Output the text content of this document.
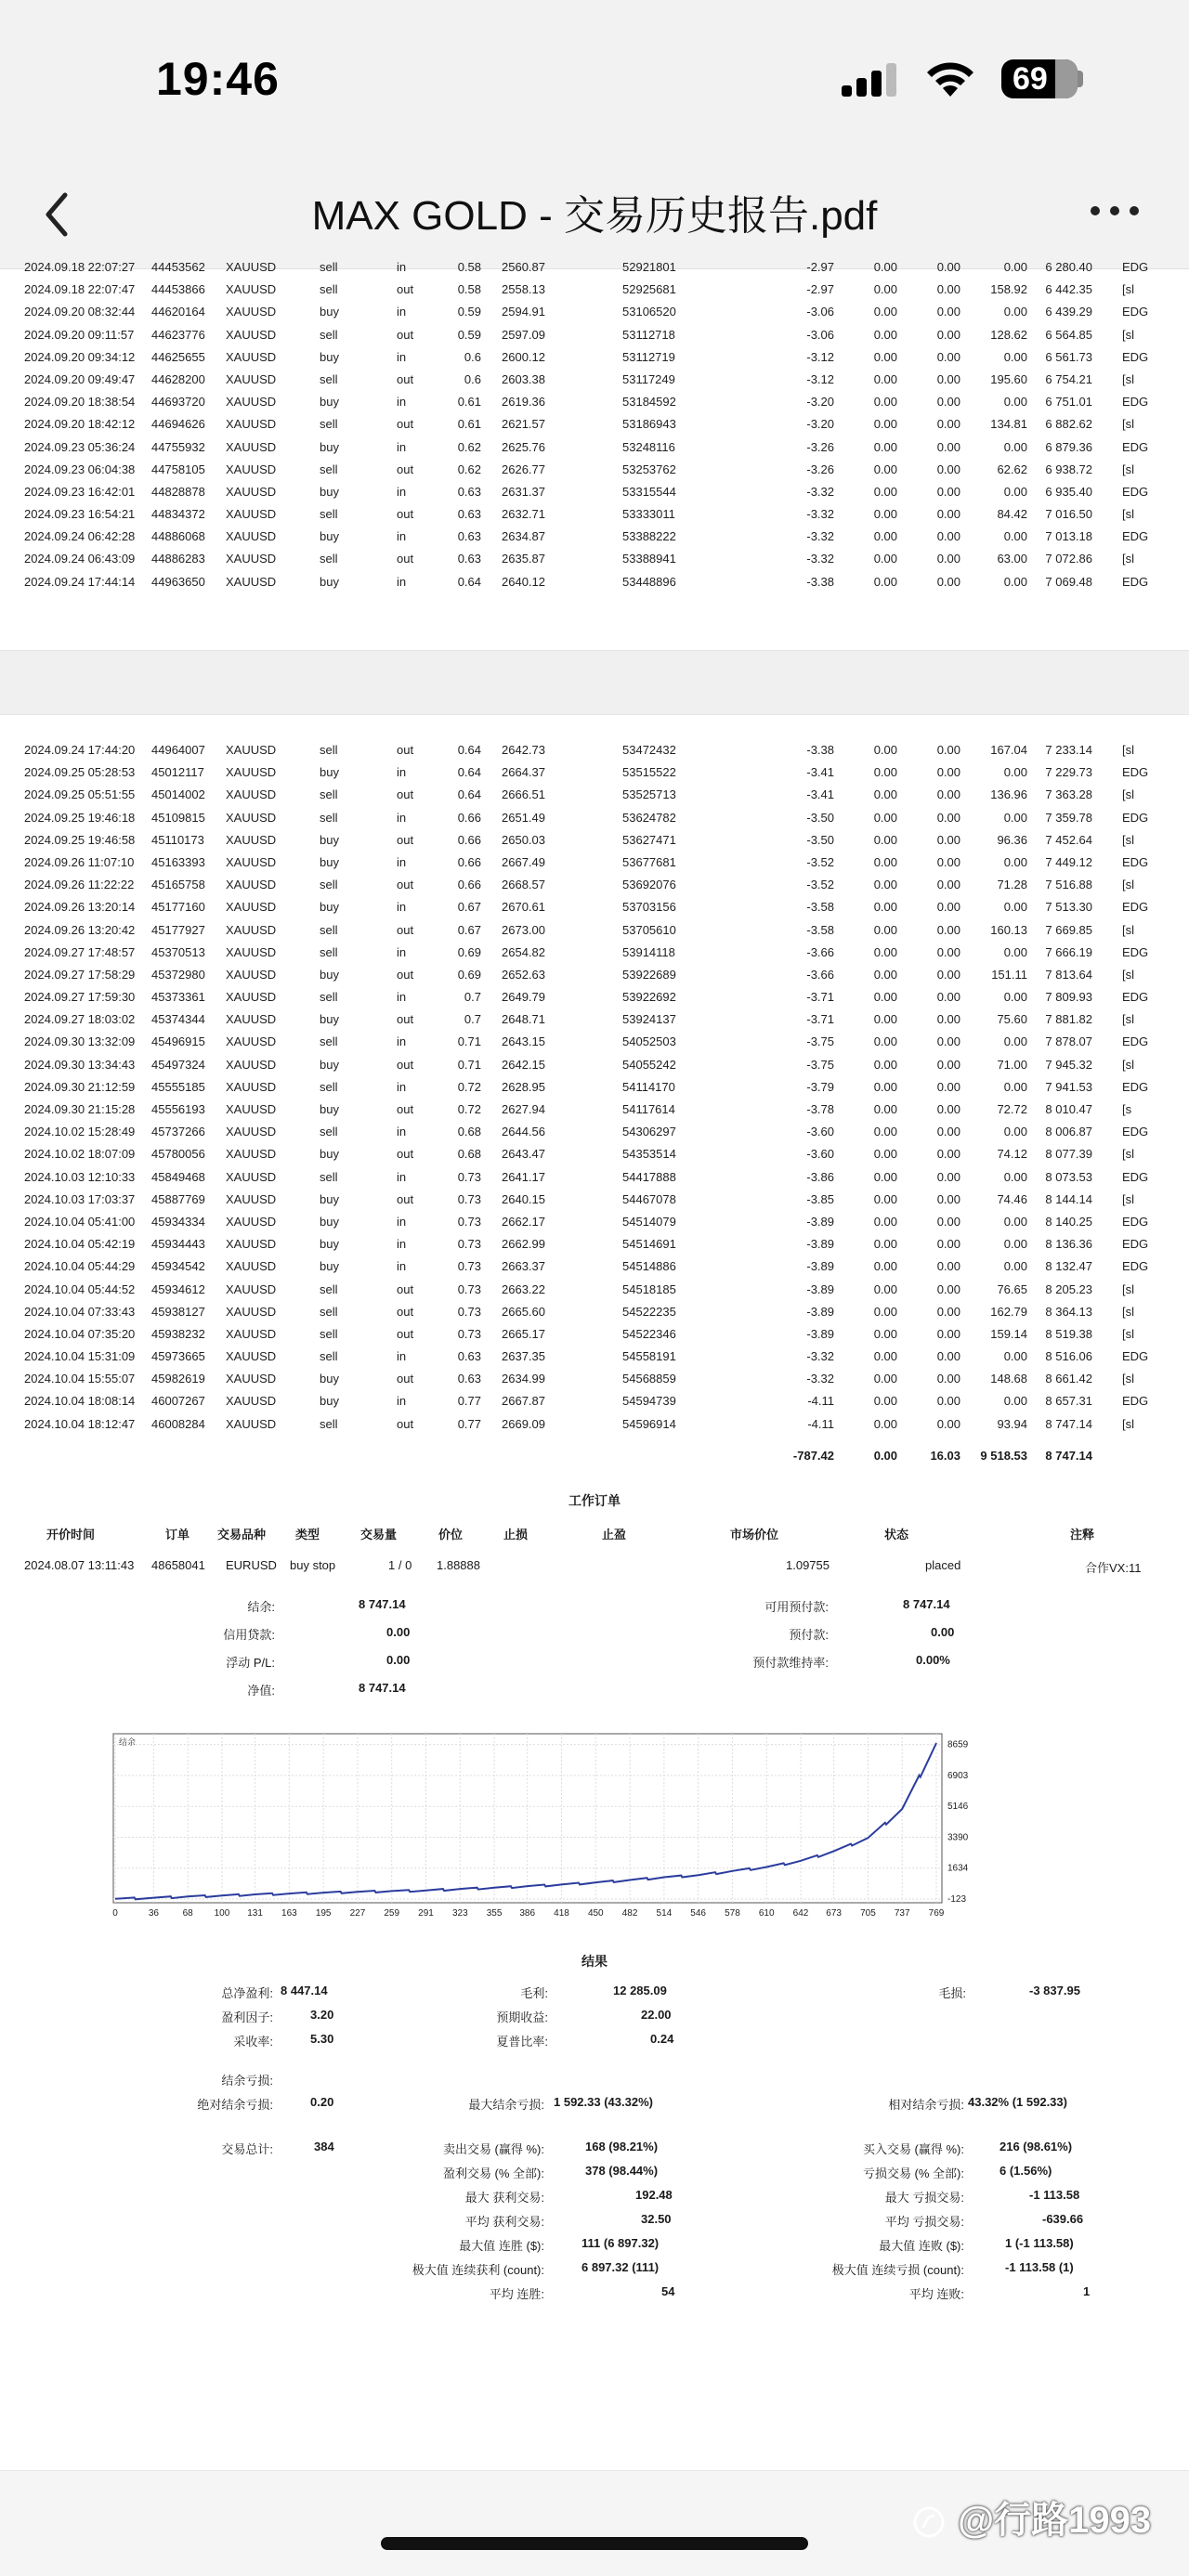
19:46	69
MAX GOLD - 交易历史报告.pdf
2024.09.18 22:07:27 44453562 XAUUSD	sell	in	0.58 2560.87	52921801	-2.97	0.00	0.00	0.00	6 280.40 EDG
2024.09.18 22:07:47 44453866 XAUUSD	sell	out	0.58 2558.13	52925681	-2.97	0.00	0.00	158.92	6 442.35 [sl
2024.09.20 08:32:44 44620164 XAUUSD	buy	in	0.59 2594.91	53106520	-3.06	0.00	0.00	0.00	6 439.29 EDG
2024.09.20 09:11:57 44623776 XAUUSD	sell	out	0.59 2597.09	53112718	-3.06	0.00	0.00	128.62	6 564.85 [sl
2024.09.20 09:34:12 44625655 XAUUSD	buy	in	0.6 2600.12	53112719	-3.12	0.00	0.00	0.00	6 561.73 EDG
2024.09.20 09:49:47 44628200 XAUUSD	sell	out	0.6 2603.38	53117249	-3.12	0.00	0.00	195.60	6 754.21 [sl
2024.09.20 18:38:54 44693720 XAUUSD	buy	in	0.61 2619.36	53184592	-3.20	0.00	0.00	0.00	6 751.01 EDG
2024.09.20 18:42:12 44694626 XAUUSD	sell	out	0.61 2621.57	53186943	-3.20	0.00	0.00	134.81	6 882.62 [sl
2024.09.23 05:36:24 44755932 XAUUSD	buy	in	0.62 2625.76	53248116	-3.26	0.00	0.00	0.00	6 879.36 EDG
2024.09.23 06:04:38 44758105 XAUUSD	sell	out	0.62 2626.77	53253762	-3.26	0.00	0.00	62.62	6 938.72 [sl
2024.09.23 16:42:01 44828878 XAUUSD	buy	in	0.63 2631.37	53315544	-3.32	0.00	0.00	0.00	6 935.40 EDG
2024.09.23 16:54:21 44834372 XAUUSD	sell	out	0.63 2632.71	53333011	-3.32	0.00	0.00	84.42	7 016.50 [sl
2024.09.24 06:42:28 44886068 XAUUSD	buy	in	0.63 2634.87	53388222	-3.32	0.00	0.00	0.00	7 013.18 EDG
2024.09.24 06:43:09 44886283 XAUUSD	sell	out	0.63 2635.87	53388941	-3.32	0.00	0.00	63.00	7 072.86 [sl
2024.09.24 17:44:14 44963650 XAUUSD	buy	in	0.64 2640.12	53448896	-3.38	0.00	0.00	0.00	7 069.48 EDG
2024.09.24 17:44:20 44964007 XAUUSD	sell	out	0.64 2642.73	53472432	-3.38	0.00	0.00	167.04	7 233.14 [sl
2024.09.25 05:28:53 45012117 XAUUSD	buy	in	0.64 2664.37	53515522	-3.41	0.00	0.00	0.00	7 229.73 EDG
2024.09.25 05:51:55 45014002 XAUUSD	sell	out	0.64 2666.51	53525713	-3.41	0.00	0.00	136.96	7 363.28 [sl
2024.09.25 19:46:18 45109815 XAUUSD	sell	in	0.66 2651.49	53624782	-3.50	0.00	0.00	0.00	7 359.78 EDG
2024.09.25 19:46:58 45110173 XAUUSD	buy	out	0.66 2650.03	53627471	-3.50	0.00	0.00	96.36	7 452.64 [sl
2024.09.26 11:07:10 45163393 XAUUSD	buy	in	0.66 2667.49	53677681	-3.52	0.00	0.00	0.00	7 449.12 EDG
2024.09.26 11:22:22 45165758 XAUUSD	sell	out	0.66 2668.57	53692076	-3.52	0.00	0.00	71.28	7 516.88 [sl
2024.09.26 13:20:14 45177160 XAUUSD	buy	in	0.67 2670.61	53703156	-3.58	0.00	0.00	0.00	7 513.30 EDG
2024.09.26 13:20:42 45177927 XAUUSD	sell	out	0.67 2673.00	53705610	-3.58	0.00	0.00	160.13	7 669.85 [sl
2024.09.27 17:48:57 45370513 XAUUSD	sell	in	0.69 2654.82	53914118	-3.66	0.00	0.00	0.00	7 666.19 EDG
2024.09.27 17:58:29 45372980 XAUUSD	buy	out	0.69 2652.63	53922689	-3.66	0.00	0.00	151.11	7 813.64 [sl
2024.09.27 17:59:30 45373361 XAUUSD	sell	in	0.7 2649.79	53922692	-3.71	0.00	0.00	0.00	7 809.93 EDG
2024.09.27 18:03:02 45374344 XAUUSD	buy	out	0.7 2648.71	53924137	-3.71	0.00	0.00	75.60	7 881.82 [sl
2024.09.30 13:32:09 45496915 XAUUSD	sell	in	0.71 2643.15	54052503	-3.75	0.00	0.00	0.00	7 878.07 EDG
2024.09.30 13:34:43 45497324 XAUUSD	buy	out	0.71 2642.15	54055242	-3.75	0.00	0.00	71.00	7 945.32 [sl
2024.09.30 21:12:59 45555185 XAUUSD	sell	in	0.72 2628.95	54114170	-3.79	0.00	0.00	0.00	7 941.53 EDG
2024.09.30 21:15:28 45556193 XAUUSD	buy	out	0.72 2627.94	54117614	-3.78	0.00	0.00	72.72	8 010.47 [s
2024.10.02 15:28:49 45737266 XAUUSD	sell	in	0.68 2644.56	54306297	-3.60	0.00	0.00	0.00	8 006.87 EDG
2024.10.02 18:07:09 45780056 XAUUSD	buy	out	0.68 2643.47	54353514	-3.60	0.00	0.00	74.12	8 077.39 [sl
2024.10.03 12:10:33 45849468 XAUUSD	sell	in	0.73 2641.17	54417888	-3.86	0.00	0.00	0.00	8 073.53 EDG
2024.10.03 17:03:37 45887769 XAUUSD	buy	out	0.73 2640.15	54467078	-3.85	0.00	0.00	74.46	8 144.14 [sl
2024.10.04 05:41:00 45934334 XAUUSD	buy	in	0.73 2662.17	54514079	-3.89	0.00	0.00	0.00	8 140.25 EDG
2024.10.04 05:42:19 45934443 XAUUSD	buy	in	0.73 2662.99	54514691	-3.89	0.00	0.00	0.00	8 136.36 EDG
2024.10.04 05:44:29 45934542 XAUUSD	buy	in	0.73 2663.37	54514886	-3.89	0.00	0.00	0.00	8 132.47 EDG
2024.10.04 05:44:52 45934612 XAUUSD	sell	out	0.73 2663.22	54518185	-3.89	0.00	0.00	76.65	8 205.23 [sl
2024.10.04 07:33:43 45938127 XAUUSD	sell	out	0.73 2665.60	54522235	-3.89	0.00	0.00	162.79	8 364.13 [sl
2024.10.04 07:35:20 45938232 XAUUSD	sell	out	0.73 2665.17	54522346	-3.89	0.00	0.00	159.14	8 519.38 [sl
2024.10.04 15:31:09 45973665 XAUUSD	sell	in	0.63 2637.35	54558191	-3.32	0.00	0.00	0.00	8 516.06 EDG
2024.10.04 15:55:07 45982619 XAUUSD	buy	out	0.63 2634.99	54568859	-3.32	0.00	0.00	148.68	8 661.42 [sl
2024.10.04 18:08:14 46007267 XAUUSD	buy	in	0.77 2667.87	54594739	-4.11	0.00	0.00	0.00	8 657.31 EDG
2024.10.04 18:12:47 46008284 XAUUSD	sell	out	0.77 2669.09	54596914	-4.11	0.00	0.00	93.94	8 747.14 [sl
-787.42	0.00	16.03	9 518.53	8 747.14
工作订单
开价时间	订单 交易品种 类型	交易量	价位	止损	止盈	市场价位	状态	注释
2024.08.07 13:11:43 48658041 EURUSD buy stop	1 / 0 1.88888	1.09755	placed	合作VX:11
结余:	8 747.14
信用贷款:	0.00
浮动 P/L:	0.00
净值:	8 747.14
可用预付款:	8 747.14
预付款:	0.00
预付款维持率:	0.00%
结余	8659
6903
5146
3390
1634
-123
0	36	68 100 131 163 195 227 259 291 323 355 386 418 450 482 514 546 578 610 642 673 705 737 769
结果
总净盈利: 8 447.14	毛利:	12 285.09	毛损:	-3 837.95
盈利因子:	3.20	预期收益:	22.00
采收率:	5.30	夏普比率:	0.24
结余亏损:
绝对结余亏损:	0.20	最大结余亏损: 1 592.33 (43.32%)	相对结余亏损: 43.32% (1 592.33)
交易总计:	384	卖出交易 (赢得 %):	168 (98.21%)	买入交易 (赢得 %):	216 (98.61%)
盈利交易 (% 全部):	378 (98.44%)	亏损交易 (% 全部):	6 (1.56%)
最大 获利交易:	192.48	最大 亏损交易:	-1 113.58
平均 获利交易:	32.50	平均 亏损交易:	-639.66
最大值 连胜 ($):	111 (6 897.32)	最大值 连败 ($):	1 (-1 113.58)
极大值 连续获利 (count):	6 897.32 (111)	极大值 连续亏损 (count):	-1 113.58 (1)
平均 连胜:	54	平均 连败:	1
@行路1993
